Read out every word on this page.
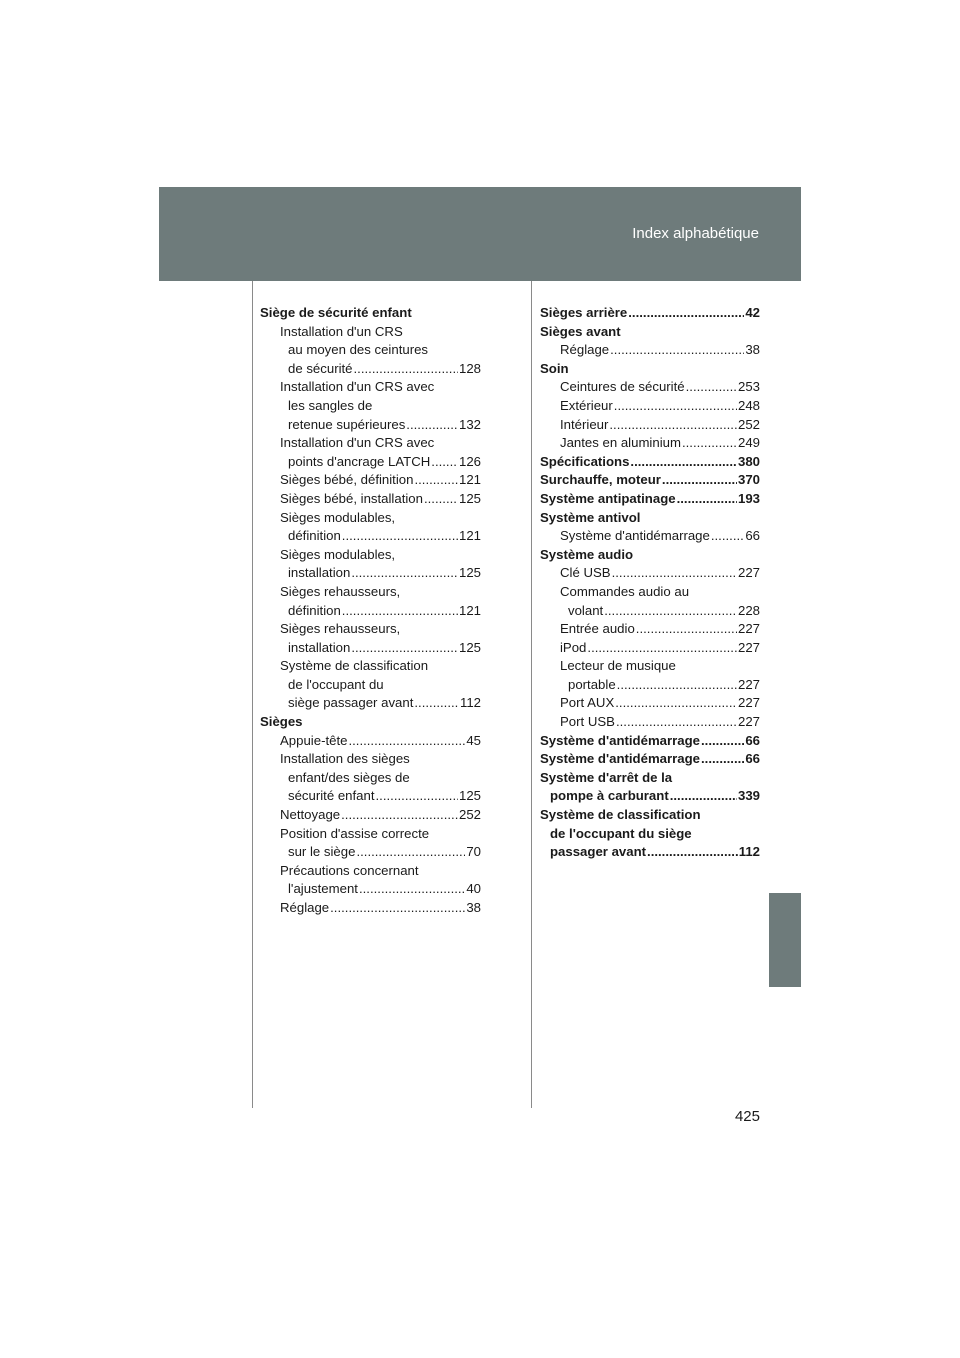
Index alphabétique
Siège de sécurité enfant
Installation d'un CRS
au moyen des ceintures
de sécurité .....	128
Installation d'un CRS avec
les sangles de
retenue supérieures .....	132
Installation d'un CRS avec
points d'ancrage LATCH ..... 126
Sièges bébé, définition .....	121
Sièges bébé, installation .....	125
Sièges modulables,
définition .....	121
Sièges modulables,
installation .....	125
Sièges rehausseurs,
définition .....	121
Sièges rehausseurs,
installation .....	125
Système de classification
de l'occupant du
siège passager avant .....	112
Sièges
Appuie-tête .....	45
Installation des sièges
enfant/des sièges de
sécurité enfant .....	125
Nettoyage .....	252
Position d'assise correcte
sur le siège .....	70
Précautions concernant
l'ajustement .....	40
Réglage .....	38
Sièges arrière .....	42
Sièges avant
Réglage .....	38
Soin
Ceintures de sécurité .....	253
Extérieur .....	248
Intérieur .....	252
Jantes en aluminium .....	249
Spécifications .....	380
Surchauffe, moteur .....	370
Système antipatinage .....	193
Système antivol
Système d'antidémarrage .....	66
Système audio
Clé USB .....	227
Commandes audio au
volant .....	228
Entrée audio .....	227
iPod .....	227
Lecteur de musique
portable .....	227
Port AUX .....	227
Port USB .....	227
Système d'antidémarrage .....	66
Système d'antidémarrage .....	66
Système d'arrêt de la
pompe à carburant .....	339
Système de classification
de l'occupant du siège
passager avant .....	112
425
